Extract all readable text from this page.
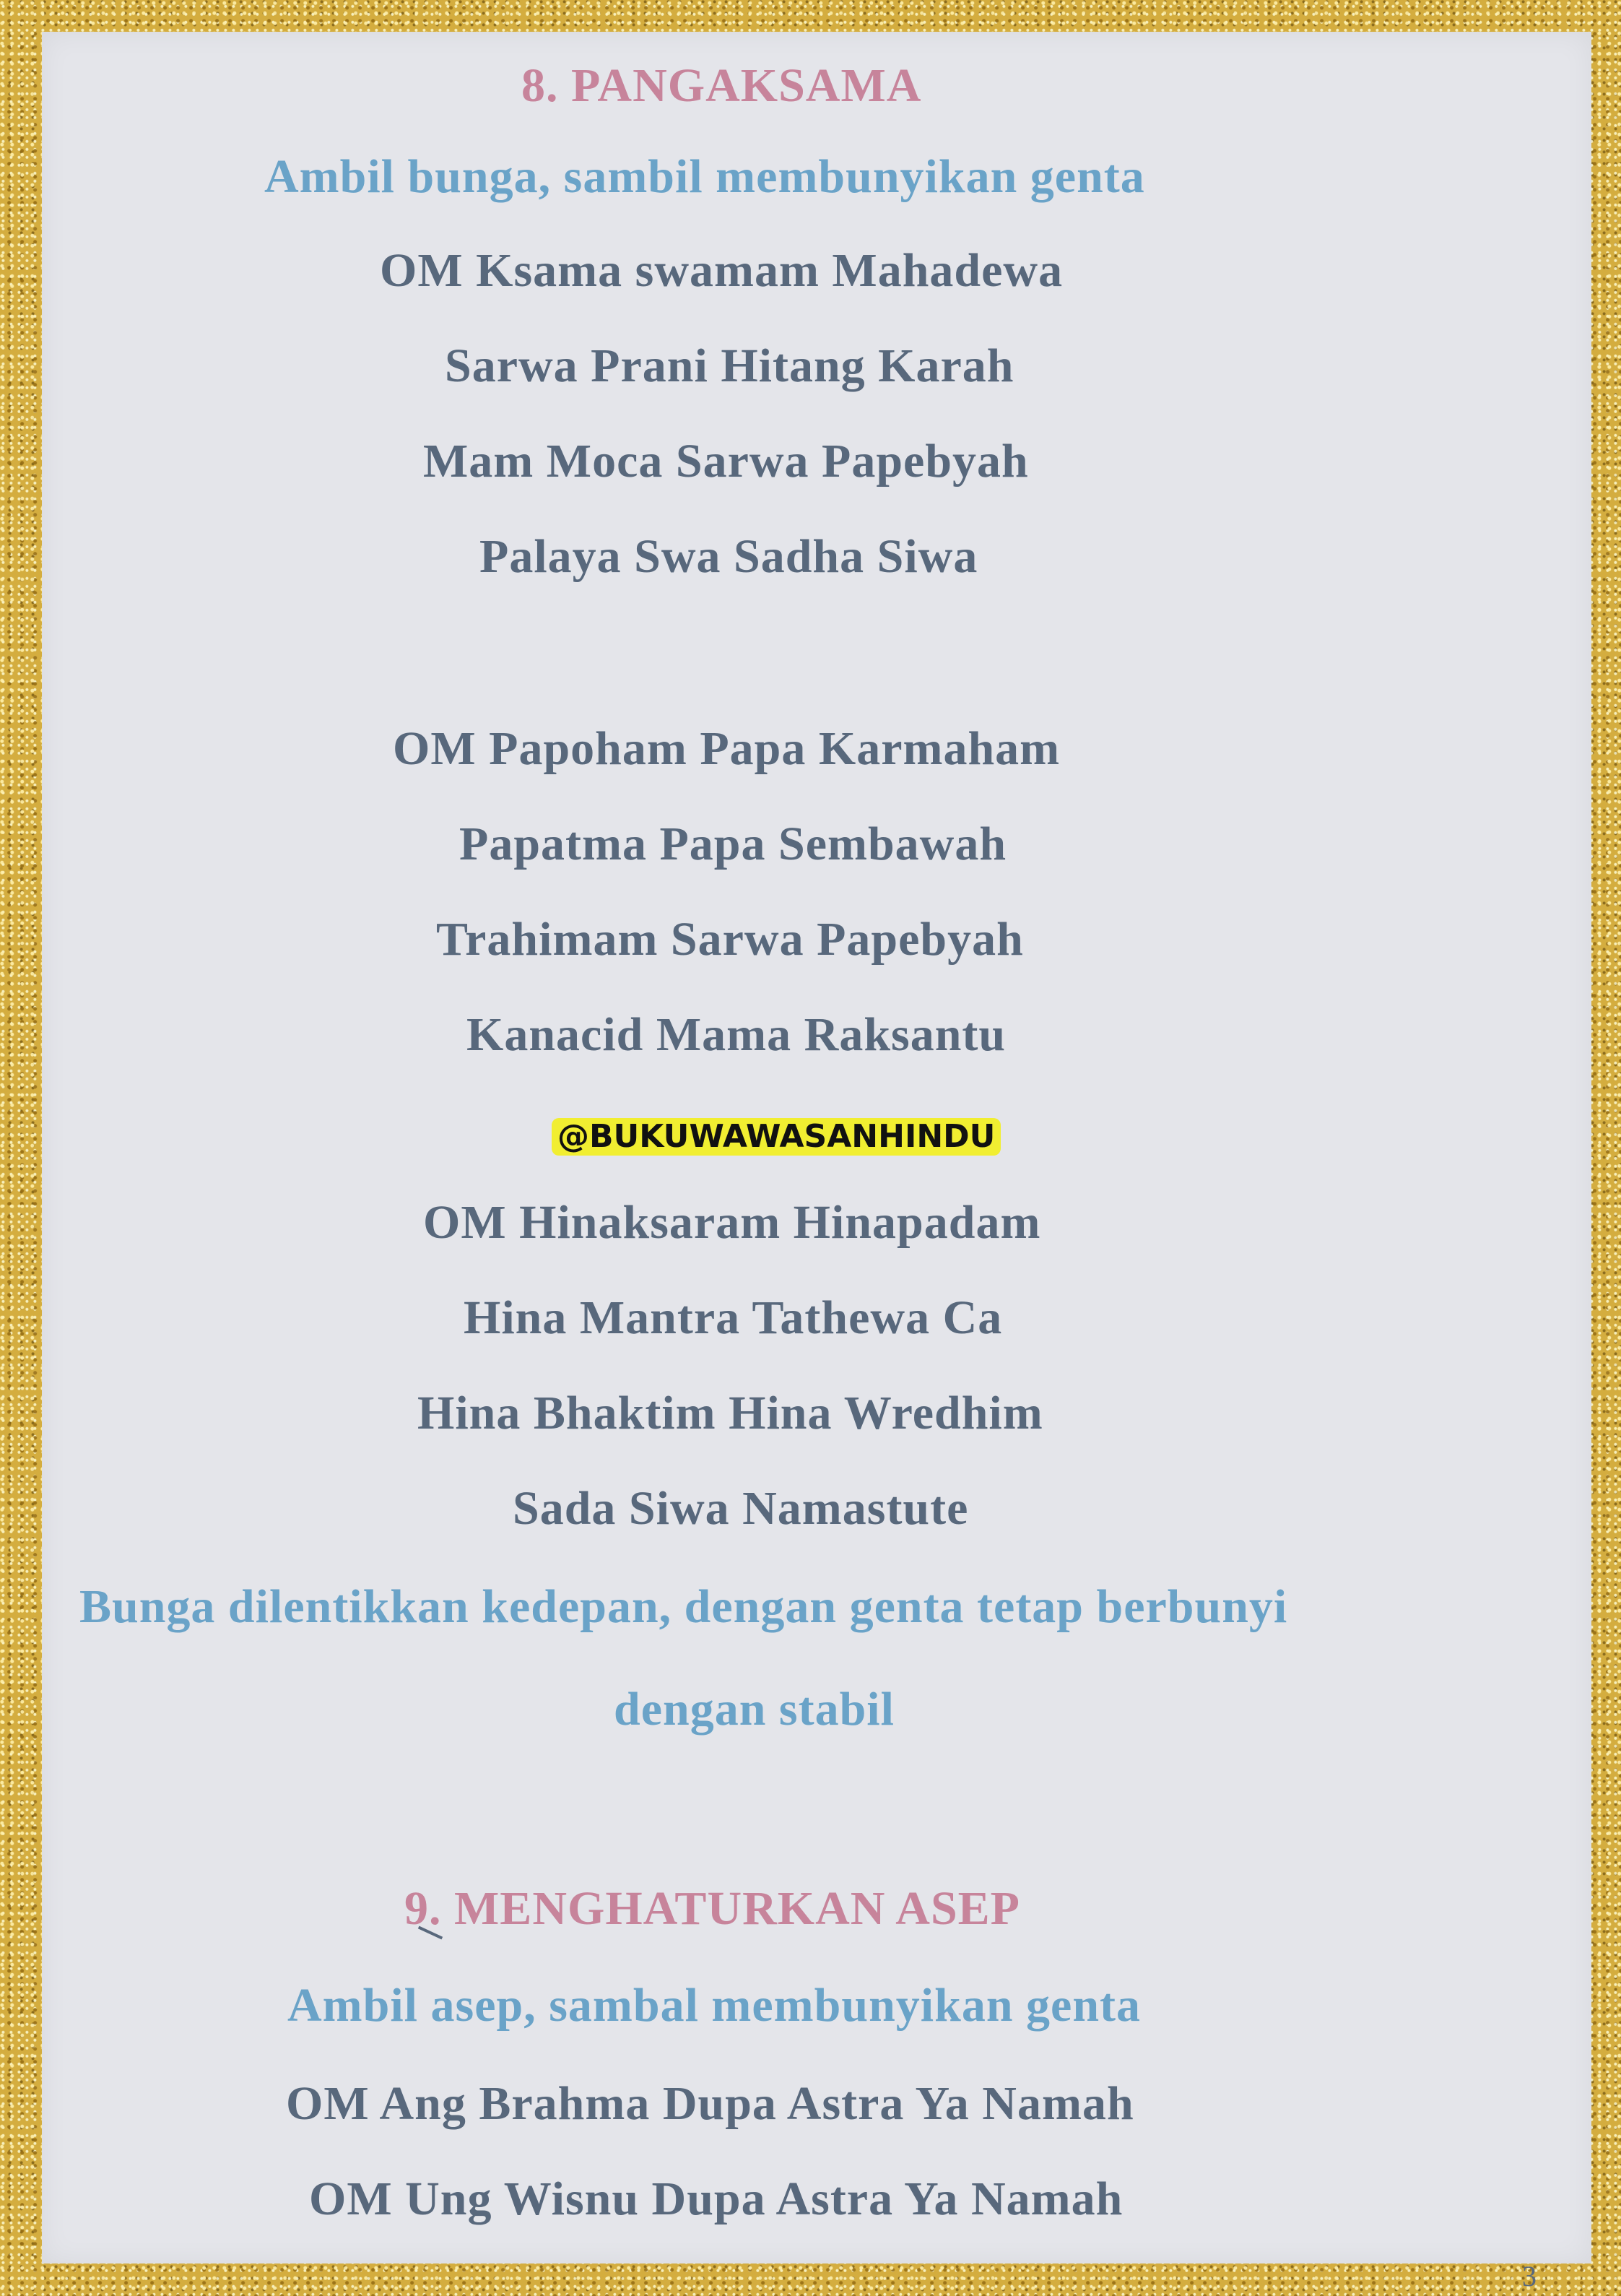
8. PANGAKSAMA
Ambil bunga, sambil membunyikan genta
OM Ksama swamam Mahadewa
Sarwa Prani Hitang Karah
Mam Moca Sarwa Papebyah
Palaya Swa Sadha Siwa
OM Papoham Papa Karmaham
Papatma Papa Sembawah
Trahimam Sarwa Papebyah
Kanacid Mama Raksantu
OM Hinaksaram Hinapadam
Hina Mantra Tathewa Ca
Hina Bhaktim Hina Wredhim
Sada Siwa Namastute
Bunga dilentikkan kedepan, dengan genta tetap berbunyi
dengan stabil
9. MENGHATURKAN ASEP
Ambil asep, sambal membunyikan genta
OM Ang Brahma Dupa Astra Ya Namah
OM Ung Wisnu Dupa Astra Ya Namah
@BUKUWAWASANHINDU
3
